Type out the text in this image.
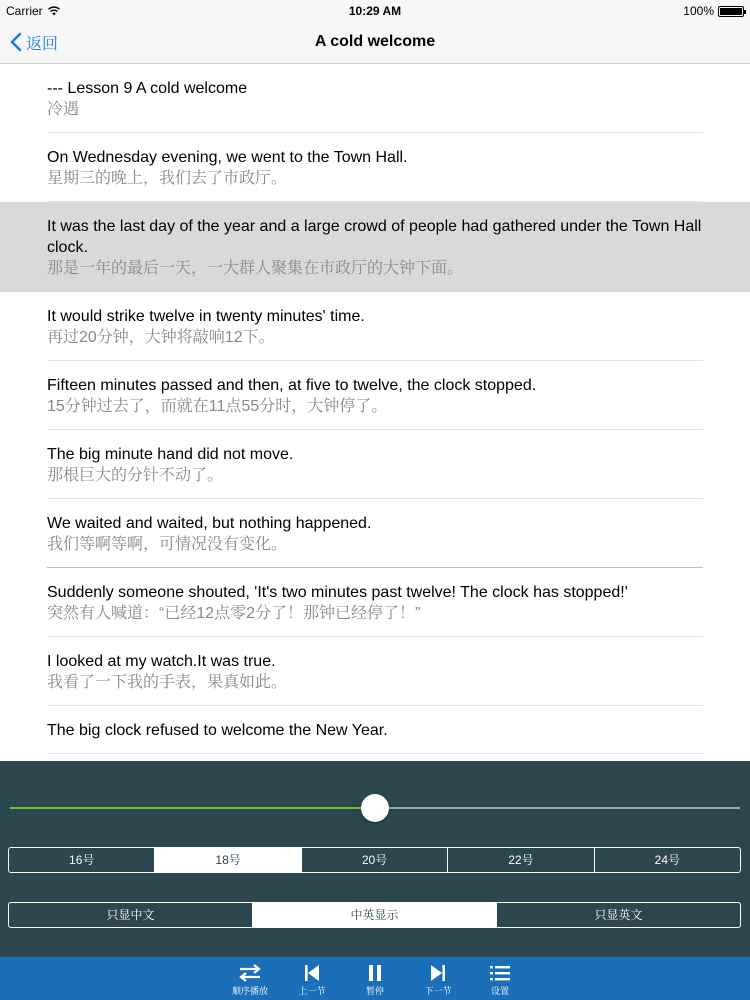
Carrier	10:29 AM	100%
返回	A cold welcome
--- Lesson 9 A cold welcome
冷遇
On Wednesday evening, we went to the Town Hall.
星期三的晚上，我们去了市政厅。
It was the last day of the year and a large crowd of people had gathered under the Town Hall clock.
那是一年的最后一天，一大群人聚集在市政厅的大钟下面。
It would strike twelve in twenty minutes' time.
再过20分钟，大钟将敲响12下。
Fifteen minutes passed and then, at five to twelve, the clock stopped.
15分钟过去了，而就在11点55分时，大钟停了。
The big minute hand did not move.
那根巨大的分针不动了。
We waited and waited, but nothing happened.
我们等啊等啊，可情况没有变化。
Suddenly someone shouted, 'It's two minutes past twelve! The clock has stopped!'
突然有人喊道：“已经12点零2分了！那钟已经停了！”
I looked at my watch.It was true.
我看了一下我的手表，果真如此。
The big clock refused to welcome the New Year.
16号	18号	20号	22号	24号
只显中文	中英显示	只显英文
顺序播放	上一节	暂停	下一节	设置
